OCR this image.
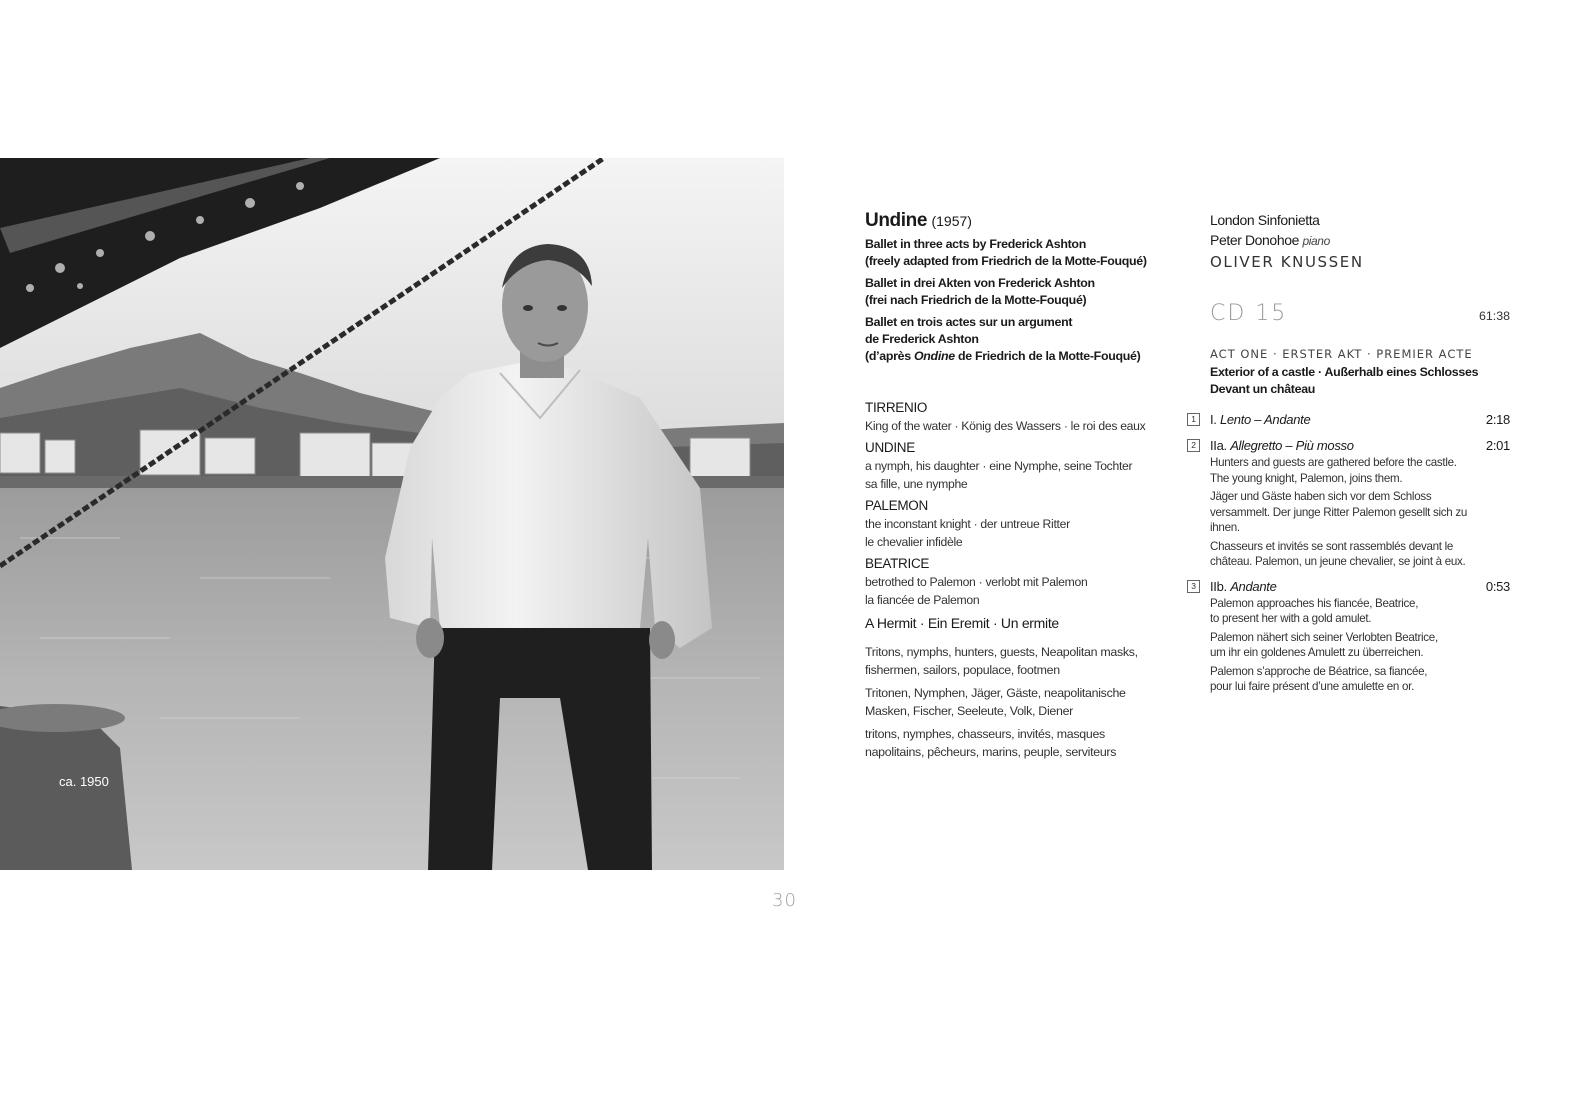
ca. 1950
30
Undine (1957)
Ballet in three acts by Frederick Ashton
(freely adapted from Friedrich de la Motte-Fouqué)
Ballet in drei Akten von Frederick Ashton
(frei nach Friedrich de la Motte-Fouqué)
Ballet en trois actes sur un argument
de Frederick Ashton
(d’après Ondine de Friedrich de la Motte-Fouqué)
TIRRENIO
King of the water · König des Wassers · le roi des eaux
UNDINE
a nymph, his daughter · eine Nymphe, seine Tochter
sa fille, une nymphe
PALEMON
the inconstant knight · der untreue Ritter
le chevalier infidèle
BEATRICE
betrothed to Palemon · verlobt mit Palemon
la fiancée de Palemon
A Hermit · Ein Eremit · Un ermite
Tritons, nymphs, hunters, guests, Neapolitan masks,
fishermen, sailors, populace, footmen
Tritonen, Nymphen, Jäger, Gäste, neapolitanische
Masken, Fischer, Seeleute, Volk, Diener
tritons, nymphes, chasseurs, invités, masques
napolitains, pêcheurs, marins, peuple, serviteurs
London Sinfonietta
Peter Donohoe piano
OLIVER KNUSSEN
CD 15	61:38
ACT ONE · ERSTER AKT · PREMIER ACTE
Exterior of a castle · Außerhalb eines Schlosses
Devant un château
1	I. Lento – Andante	2:18
2	IIa. Allegretto – Più mosso	2:01
Hunters and guests are gathered before the castle.
The young knight, Palemon, joins them.
Jäger und Gäste haben sich vor dem Schloss
versammelt. Der junge Ritter Palemon gesellt sich zu
ihnen.
Chasseurs et invités se sont rassemblés devant le
château. Palemon, un jeune chevalier, se joint à eux.
3	IIb. Andante	0:53
Palemon approaches his fiancée, Beatrice,
to present her with a gold amulet.
Palemon nähert sich seiner Verlobten Beatrice,
um ihr ein goldenes Amulett zu überreichen.
Palemon s’approche de Béatrice, sa fiancée,
pour lui faire présent d’une amulette en or.
